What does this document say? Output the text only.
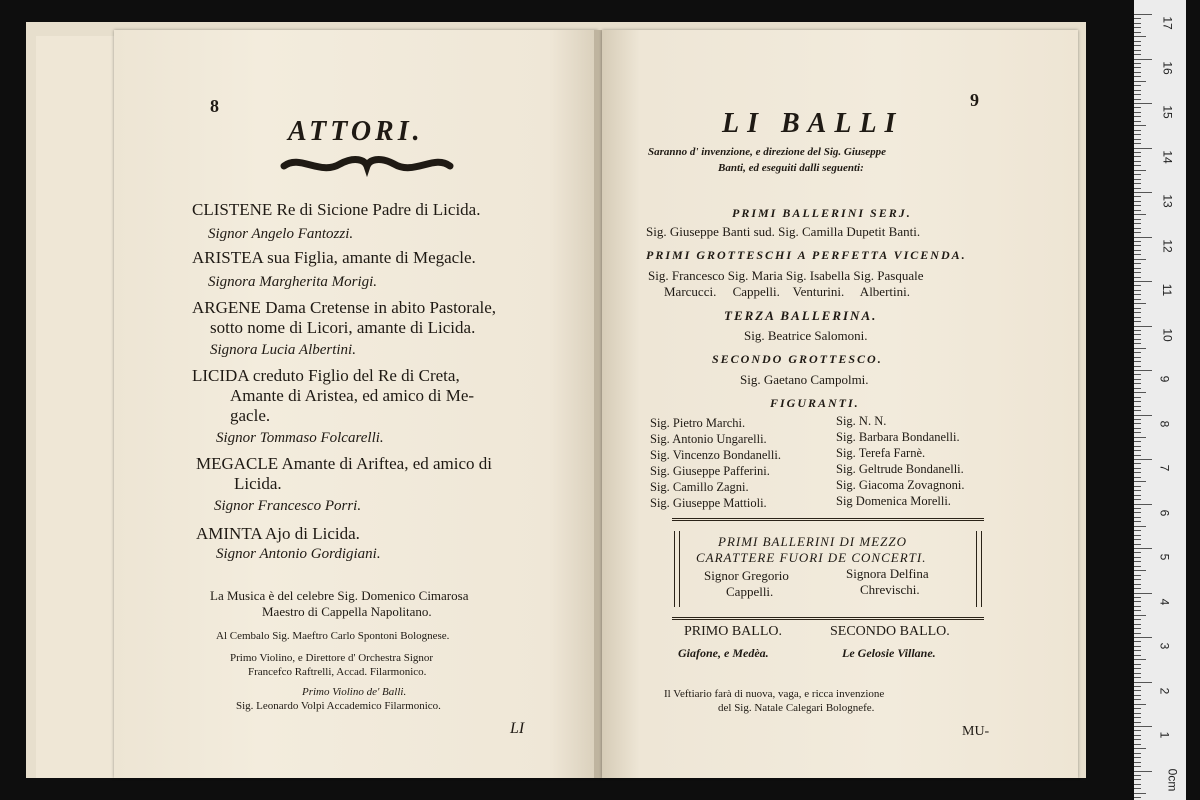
8
ATTORI.
CLISTENE Re di Sicione Padre di Licida.
Signor Angelo Fantozzi.
ARISTEA sua Figlia, amante di Megacle.
Signora Margherita Morigi.
ARGENE Dama Cretense in abito Pastorale,
sotto nome di Licori, amante di Licida.
Signora Lucia Albertini.
LICIDA creduto Figlio del Re di Creta,
Amante di Aristea, ed amico di Me-
gacle.
Signor Tommaso Folcarelli.
MEGACLE Amante di Ariftea, ed amico di
Licida.
Signor Francesco Porri.
AMINTA Ajo di Licida.
Signor Antonio Gordigiani.
La Musica è del celebre Sig. Domenico Cimarosa
Maestro di Cappella Napolitano.
Al Cembalo Sig. Maeftro Carlo Spontoni Bolognese.
Primo Violino, e Direttore d' Orchestra Signor
Francefco Raftrelli, Accad. Filarmonico.
Primo Violino de' Balli.
Sig. Leonardo Volpi Accademico Filarmonico.
LI
9
LI BALLI
Saranno d' invenzione, e direzione del Sig. Giuseppe
Banti, ed eseguiti dalli seguenti:
PRIMI BALLERINI SERJ.
Sig. Giuseppe Banti sud. Sig. Camilla Dupetit Banti.
PRIMI GROTTESCHI A PERFETTA VICENDA.
Sig. Francesco Sig. Maria Sig. Isabella Sig. Pasquale
Marcucci.     Cappelli.    Venturini.     Albertini.
TERZA BALLERINA.
Sig. Beatrice Salomoni.
SECONDO GROTTESCO.
Sig. Gaetano Campolmi.
FIGURANTI.
Sig. Pietro Marchi.
Sig. Antonio Ungarelli.
Sig. Vincenzo Bondanelli.
Sig. Giuseppe Pafferini.
Sig. Camillo Zagni.
Sig. Giuseppe Mattioli.
Sig. N. N.
Sig. Barbara Bondanelli.
Sig. Terefa Farnè.
Sig. Geltrude Bondanelli.
Sig. Giacoma Zovagnoni.
Sig Domenica Morelli.
PRIMI BALLERINI DI MEZZO
CARATTERE FUORI DE CONCERTI.
Signor Gregorio
Cappelli.
Signora Delfina
Chrevischi.
PRIMO BALLO.
Giafone, e Medèa.
SECONDO BALLO.
Le Gelosie Villane.
Il Veftiario farà di nuova, vaga, e ricca invenzione
del Sig. Natale Calegari Bolognefe.
MU-
17
16
15
14
13
12
11
10
9
8
7
6
5
4
3
2
1
0cm
